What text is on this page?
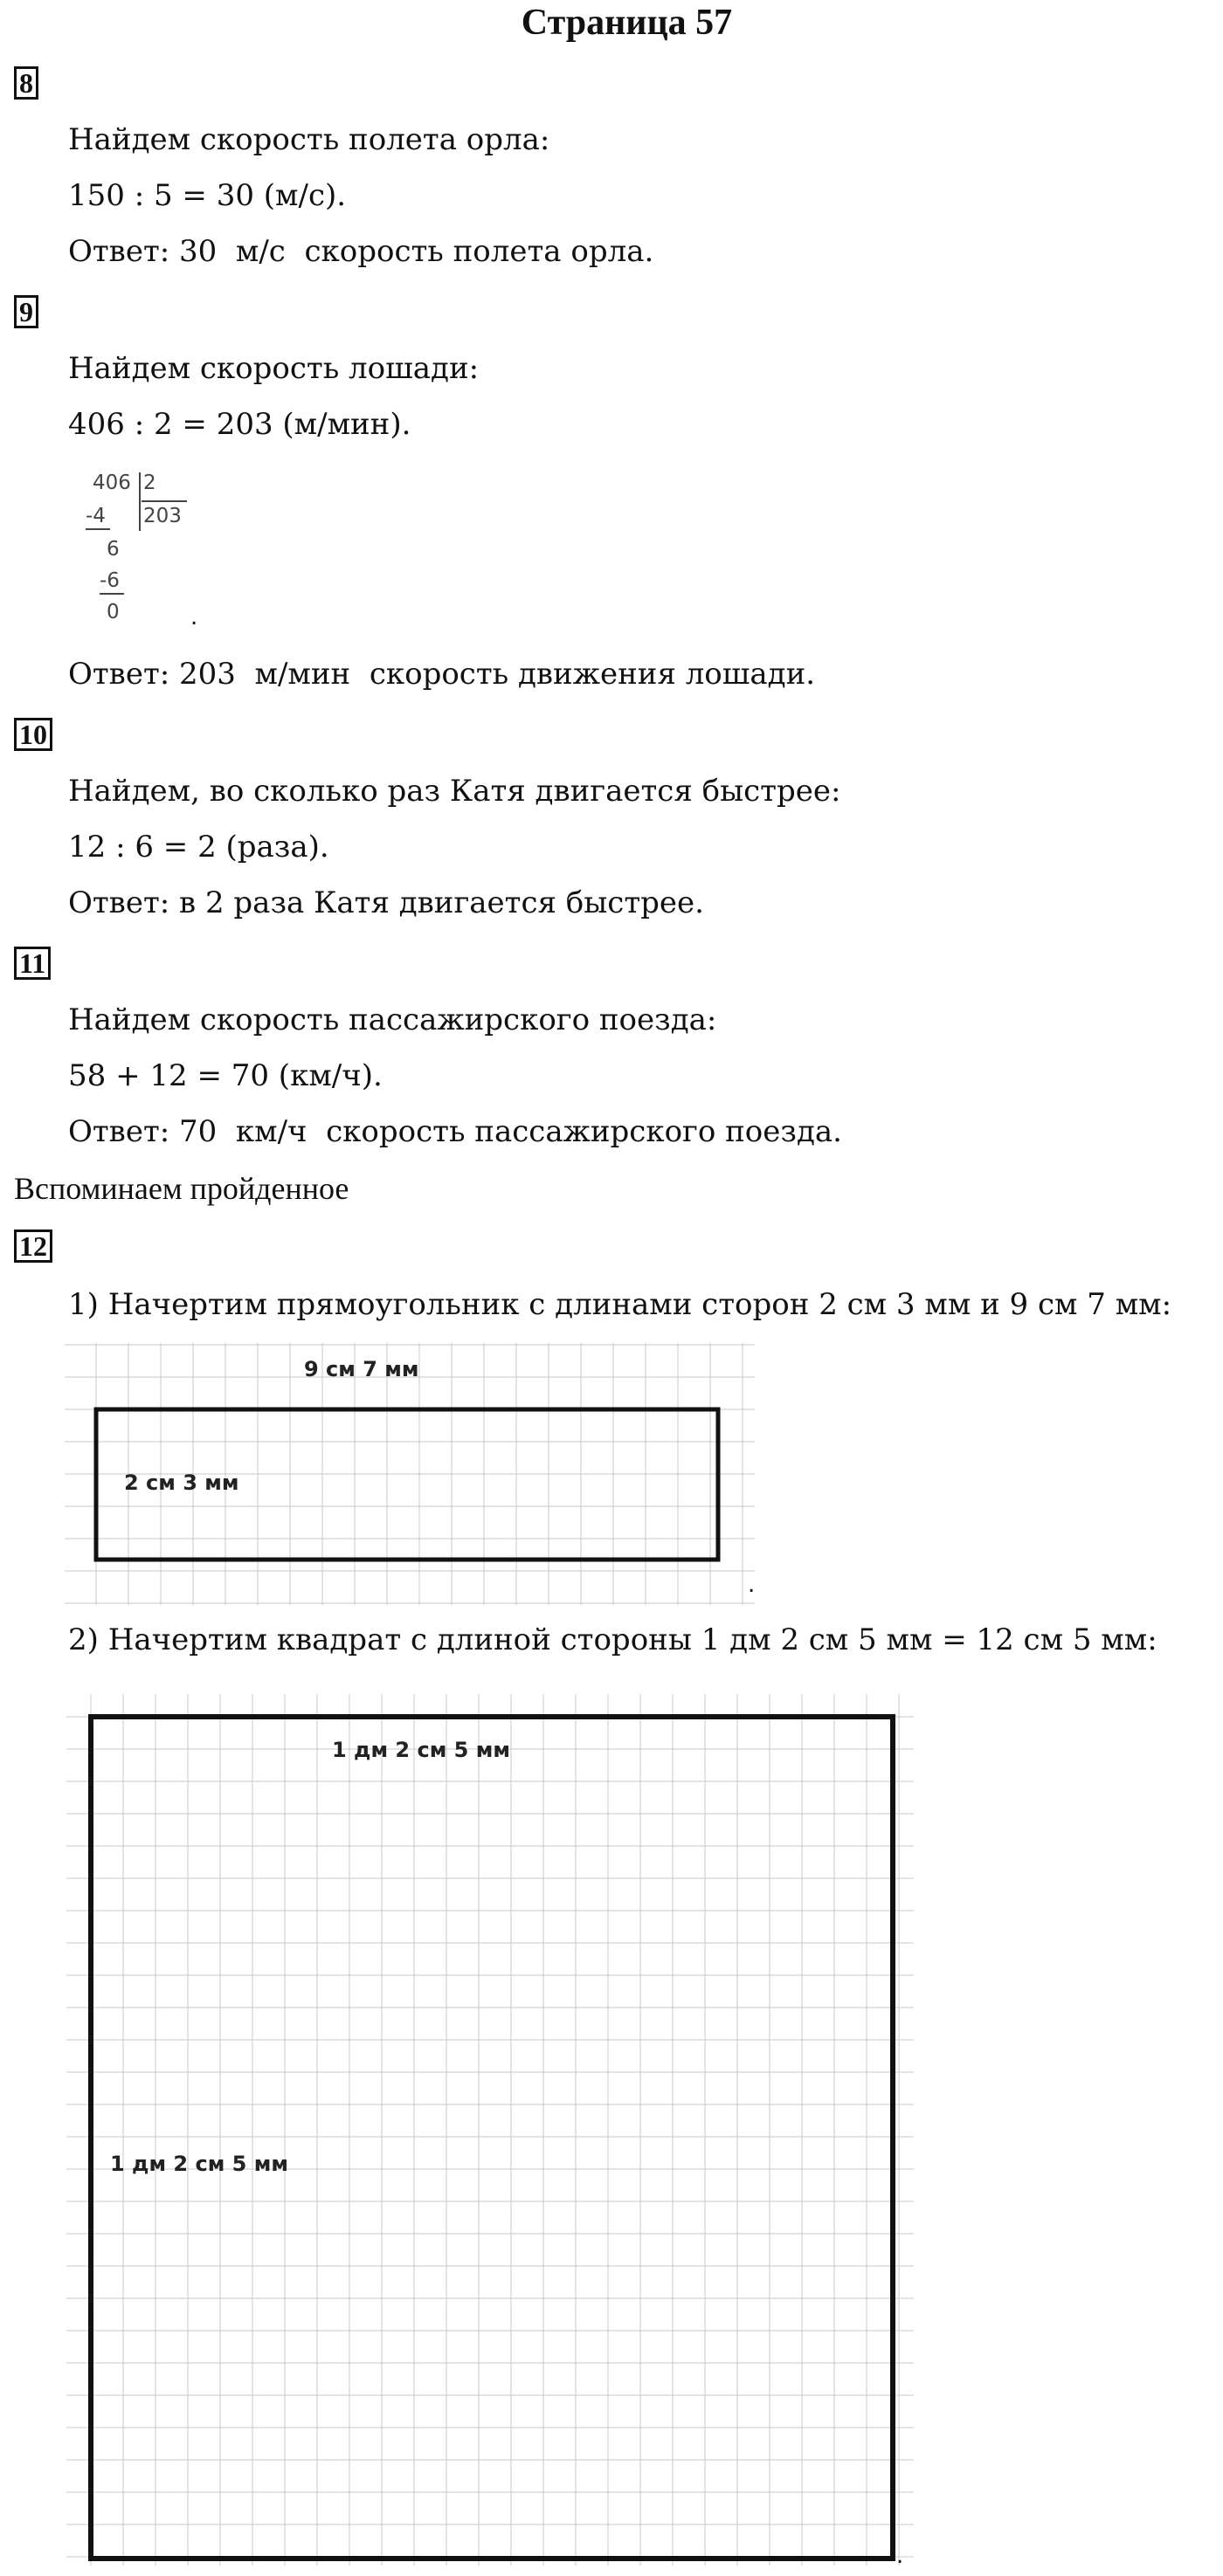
Страница 57
8
Найдем скорость полета орла:
150 : 5 = 30 (м/с).
Ответ: 30  м/с  скорость полета орла.
9
Найдем скорость лошади:
406 : 2 = 203 (м/мин).
406 2
203
-4
6
-6
0	.
Ответ: 203  м/мин  скорость движения лошади.
10
Найдем, во сколько раз Катя двигается быстрее:
12 : 6 = 2 (раза).
Ответ: в 2 раза Катя двигается быстрее.
11
Найдем скорость пассажирского поезда:
58 + 12 = 70 (км/ч).
Ответ: 70  км/ч  скорость пассажирского поезда.
Вспоминаем пройденное
12
1) Начертим прямоугольник с длинами сторон 2 см 3 мм и 9 см 7 мм:
9 см 7 мм
2 см 3 мм
.
2) Начертим квадрат с длиной стороны 1 дм 2 см 5 мм = 12 см 5 мм:
1 дм 2 см 5 мм
1 дм 2 см 5 мм
.
